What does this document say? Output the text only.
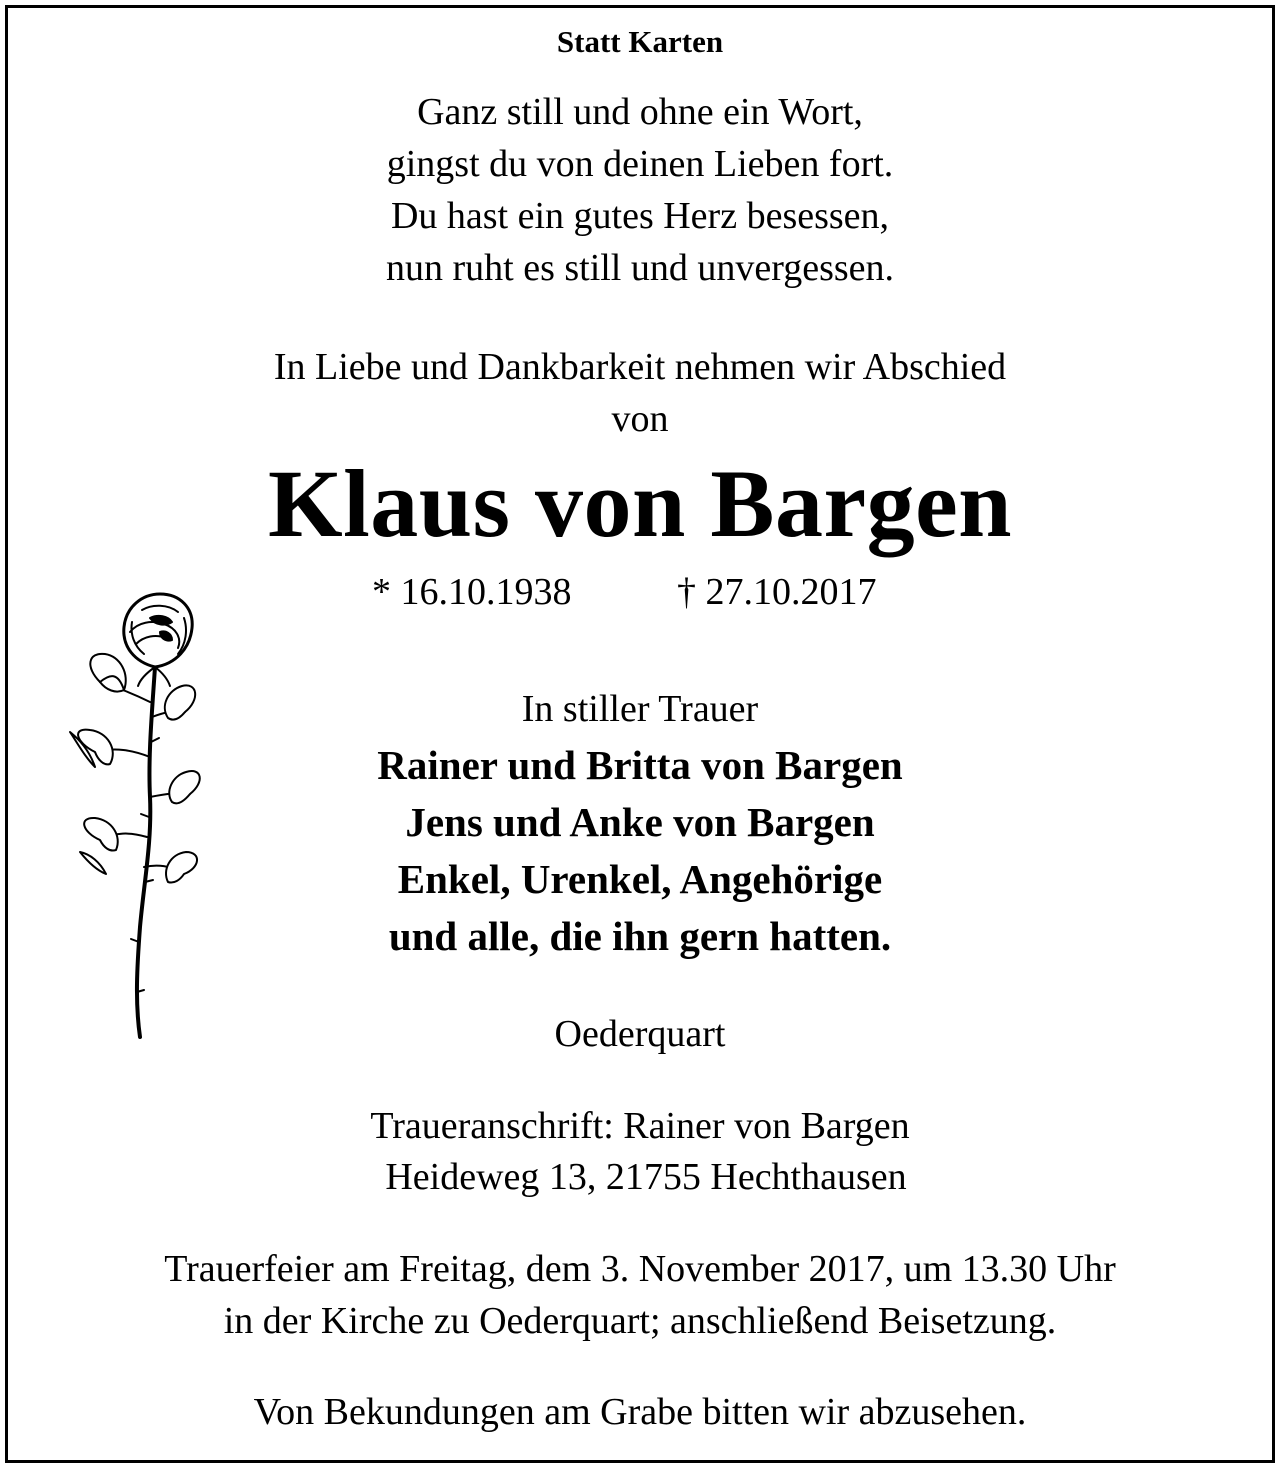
Statt Karten
Ganz still und ohne ein Wort,
gingst du von deinen Lieben fort.
Du hast ein gutes Herz besessen,
nun ruht es still und unvergessen.
In Liebe und Dankbarkeit nehmen wir Abschied
von
Klaus von Bargen
* 16.10.1938	† 27.10.2017
In stiller Trauer
Rainer und Britta von Bargen
Jens und Anke von Bargen
Enkel, Urenkel, Angehörige
und alle, die ihn gern hatten.
Oederquart
Traueranschrift: Rainer von Bargen
Heideweg 13, 21755 Hechthausen
Trauerfeier am Freitag, dem 3. November 2017, um 13.30 Uhr
in der Kirche zu Oederquart; anschließend Beisetzung.
Von Bekundungen am Grabe bitten wir abzusehen.
